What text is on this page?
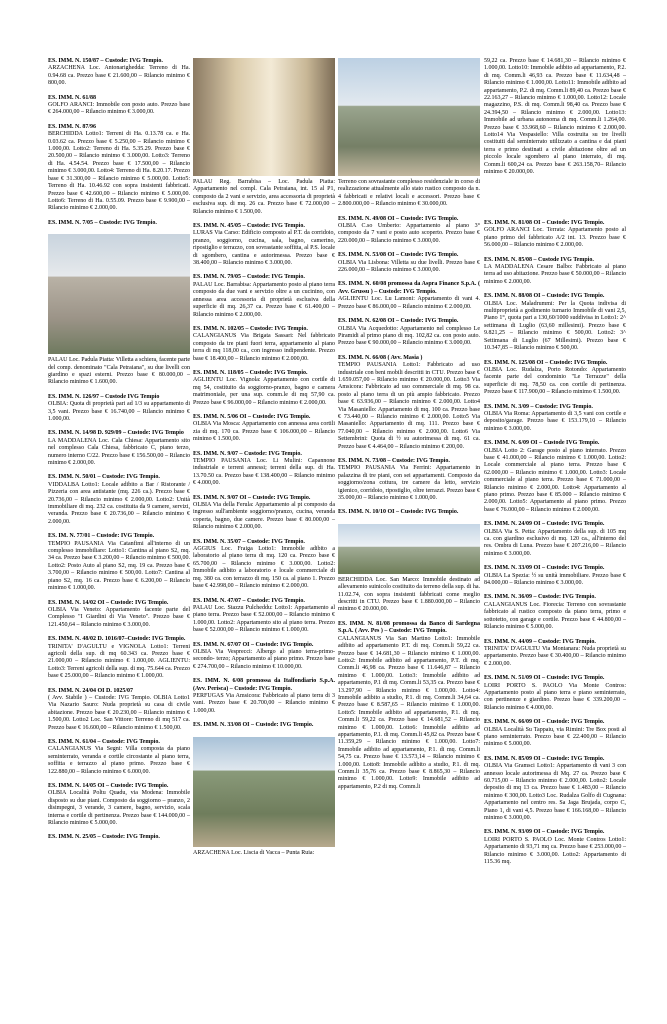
ES. IMM. N. 150/87 – Custode: IVG Tempio.
ARZACHENA Loc. Antonarighedda: Terreno di Ha. 0.94.68 ca. Prezzo base € 21.600,00 – Rilancio minimo € 800,00.
ES. IMM. N. 61/88
GOLFO ARANCI: Immobile con posto auto. Prezzo base € 264.000,00 – Rilancio minimo € 3.000,00.
ES. IMM. N. 87/96
BERCHIDDA Lotto1: Terreni di Ha. 0.13.78 ca. e Ha. 0.03.62 ca. Prezzo base € 5.250,00 – Rilancio minimo € 1.000,00. Lotto2: Terreno di Ha. 5.35.29. Prezzo base € 20.500,00 – Rilancio minimo € 3.000,00. Lotto3: Terreno di Ha. 4.54.54. Prezzo base € 17.500,00 – Rilancio minimo € 3.000,00. Lotto4: Terreno di Ha. 8.20.17. Prezzo base € 31.300,00 – Rilancio minimo € 5.000,00. Lotto5: Terreno di Ha. 10.46.92 con sopra insistenti fabbricati. Prezzo base € 42.600,00 – Rilancio minimo € 5.000,00. Lotto6: Terreno di Ha. 0.55.09. Prezzo base € 9.900,00 – Rilancio minimo € 2.000,00.
ES. IMM. N. 7/05 – Custode: IVG Tempio.

PALAU Loc. Padula Piatta: Villetta a schiera, facente parte del comp. denominato "Cala Petraiana", su due livelli con giardino e spazi esterni. Prezzo base € 80.000,00 – Rilancio minimo € 1.600,00.
ES. IMM. N. 126/97 – Custode IVG Tempio
OLBIA: Quota di proprietà pari ad 1/3 su appartamento di 3,5 vani. Prezzo base € 16.740,00 – Rilancio minimo € 1.000,00.
ES. IMM. N. 14/98 D. 929/09 – Custode: IVG Tempio
LA MADDALENA Loc. Cala Chiesa: Appartamento sito nel complesso Cala Chiesa, fabbricato C, piano terzo, numero interno C/22. Prezzo base € 156.500,00 – Rilancio minimo € 2.000,00.
ES. IMM. N. 50/01 – Custode: IVG Tempio.
VIDDALBA Lotto1: Locale adibito a Bar / Ristorante / Pizzeria con area antistante (mq. 226 ca.). Prezzo base € 20.736,00 – Rilancio minimo € 2.000,00. Lotto2: Unità immobiliare di mq. 232 ca. costituita da 9 camere, servizi, veranda. Prezzo base € 20.736,00 – Rilancio minimo € 2.000,00.
ES. IM. N. 77/01 – Custode: IVG Tempio.
TEMPIO PAUSANIA Via Catanfimi all'interno di un complesso immobiliare: Lotto1: Cantina al piano S2, mq. 34 ca. Prezzo base € 3.200,00 – Rilancio minimo € 500,00. Lotto2: Posto Auto al piano S2, mq. 19 ca. Prezzo base € 3.700,00 – Rilancio minimo € 500,00. Lotto7: Cantina al piano S2, mq. 16 ca. Prezzo base € 6.200,00 – Rilancio minimo € 1.000,00.
ES. IMM. N. 14/02 OI – Custode: IVG Tempio.
OLBIA Via Veneto: Appartamento facente parte del Complesso "I Giardini di Via Veneto". Prezzo base € 121.450,64 – Rilancio minimo € 3.000,00.
ES. IMM. N. 48/02 D. 1016/07–Custode: IVG Tempio.
TRINITA' D'AGULTU e VIGNOLA Lotto1: Terreni agricoli della sup. di mq 60.343 ca. Prezzo base € 21.000,00 – Rilancio minimo € 1.000,00. AGLIENTU: Lotto3: Terreni agricoli della sup. di mq. 75.644 ca. Prezzo base € 25.000,00 – Rilancio minimo € 1.000,00.
ES. IMM. N. 24/04 OI D. 1025/07
( Avv. Stabile ) – Custode: IVG Tempio. OLBIA Lotto1 Via Nazario Sauro: Nuda proprietà su casa di civile abitazione. Prezzo base € 20.230,00 – Rilancio minimo € 1.500,00. Lotto2 Loc. San Vittore: Terreno di mq 517 ca. Prezzo base € 16.600,00 – Rilancio minimo € 1.500,00.
ES. IMM. N. 61/04 – Custode: IVG Tempio.
CALANGIANUS Via Segni: Villa composta da piano seminterrato, veranda e cortile circostante al piano terra, soffitta e terrazzo al piano primo. Prezzo base € 122.880,00 – Rilancio minimo € 6.000,00.
ES. IMM. N. 14/05 OI – Custode: IVG Tempio.
OLBIA Località Poltu Quadu, via Modena: Immobile disposto su due piani. Composto da soggiorno – pranzo, 2 disimpegni, 3 verande, 3 camere, bagno, servizio, scala interna e cortile di pertinenza. Prezzo base € 144.000,00 – Rilancio minimo € 5.000,00.
ES. IMM. N. 25/05 – Custode: IVG Tempio.

PALAU Reg. Barrabisa – Loc. Padula Piatta: Appartamento nel compl. Cala Petraiana, int. 15 al P1, composto da 2 vani e servizio, area accessoria di proprietà esclusiva sup. di mq. 26 ca. Prezzo base € 72.000,00 – Rilancio minimo € 1.500,00.
ES. IMM. N. 45/05 – Custode: IVG Tempio.
LURAS Via Carso: Edificio composto al P.T. da corridoio, pranzo, soggiorno, cucina, sala, bagno, camerino, ripostiglio e terrazzo, con sovrastante soffitta, al P.S. locale di sgombero, cantina e autorimessa. Prezzo base € 38.400,00 – Rilancio minimo € 3.000,00.
ES. IMM. N. 79/05 – Custode: IVG Tempio.
PALAU Loc. Barrabisa: Appartamento posto al piano terra composto da due vani e servizio oltre a un cucinino, con annessa area accessoria di proprietà esclusiva della superficie di mq. 26,37 ca. Prezzo base € 61.400,00 – Rilancio minimo € 2.000,00.
ES. IMM. N. 102/05 – Custode: IVG Tempio.
CALANGIANUS Via Brigata Sassari: Nel fabbricato composto da tre piani fuori terra, appartamento al piano terra di mq 118,00 ca., con ingresso indipendente. Prezzo base € 18.400,00 – Rilancio minimo € 2.000,00.
ES. IMM. N. 118/05 – Custode: IVG Tempio.
AGLIENTU Loc. Vignola: Appartamento con cortile di mq 54, costituito da soggiorno-pranzo, bagno e camera matrimoniale, per una sup. comm.le di mq 57,90 ca. Prezzo base € 96.000,00 – Rilancio minimo € 2.000,00.
ES. IMM. N. 5/06 OI – Custode: IVG Tempio.
OLBIA Via Mosca: Appartamento con annessa area cortili zia di mq. 170 ca. Prezzo base € 106.000,00 – Rilancio minimo € 1.500,00.
ES. IMM. N. 9/07 – Custode: IVG Tempio.
TEMPIO PAUSANIA Loc. Li Mulini: Capannone industriale e terreni annessi; terreni della sup. di Ha. 13.70.50 ca. Prezzo base € 138.400,00 – Rilancio minimo € 4.000,00.
ES. IMM. N. 9/07 OI – Custode: IVG Tempio.
OLBIA Via della Ferula: Appartamento al pt composto da ingresso sull'ambiente soggiorno/pranzo, cucina, veranda coperta, bagno, due camere. Prezzo base € 80.000,00 – Rilancio minimo € 2.000,00.
ES. IMM. N. 35/07 – Custode: IVG Tempio.
AGGIUS Loc. Fraiga Lotto1: Immobile adibito a laboratorio al piano terra di mq. 120 ca. Prezzo base € 65.700,00 – Rilancio minimo € 3.000,00. Lotto2: Immobile adibito a laboratorio e locale commerciale di mq. 380 ca. con terrazzo di mq. 150 ca. al piano 1. Prezzo base € 42.998,00 – Rilancio minimo € 2.000,00.
ES. IMM. N. 47/07 – Custode: IVG Tempio.
PALAU Loc. Stazzu Pulcheddu: Lotto1: Appartamento al piano terra. Prezzo base € 52.000,00 – Rilancio minimo € 1.000,00. Lotto2: Appartamento sito al piano terra. Prezzo base € 52.000,00 – Rilancio minimo € 1.000,00.
ES. IMM. N. 67/07 OI – Custode: IVG Tempio.
OLBIA Via Vesprecci: Albergo al piano terra-primo- secondo- terzo; Appartamento al piano primo. Prezzo base € 274.700,00 – Rilancio minimo € 10.000,00.
ES. IMM. N. 6/08 promossa da Italfondiario S.p.A. (Avv. Perisca) – Custode: IVG Tempio.
PERFUGAS Via Amsicora: Fabbricato al piano terra di 3 vani. Prezzo base € 20.700,00 – Rilancio minimo € 1.000,00.
ES. IMM. N. 33/08 OI – Custode: IVG Tempio.

ARZACHENA Loc. Liscia di Vacca – Punta Ruia:
Terreno con sovrastante complesso residenziale in corso di realizzazione attualmente allo stato rustico composto da n. 4 fabbricati e relativi locali e accessori. Prezzo base € 2.800.000,00 – Rilancio minimo € 30.000,00.
ES. IMM. N. 49/08 OI – Custode: IVG Tempio.
OLBIA C.so Umberto: Appartamento al piano 3° composto da 7 vani e posto auto scoperto. Prezzo base € 220.000,00 – Rilancio minimo € 3.000,00.
ES. IMM. N. 53/08 OI – Custode: IVG Tempio.
OLBIA Via Lisbona: Villetta su due livelli. Prezzo base € 226.000,00 – Rilancio minimo € 3.000,00.
ES. IMM. N. 60/08 promossa da Aspra Finance S.p.A. ( Avv. Grussu ) – Custode: IVG Tempio.
AGLIENTU Loc. Lu Lamoni: Appartamento di vani 4. Prezzo base € 86.000,00 – Rilancio minimo € 2.000,00.
ES. IMM. N. 62/08 OI – Custode: IVG Tempio.
OLBIA Via Acquedotto: Appartamento nel complesso Le Piramidi al primo piano di mq. 102,82 ca. con posto auto. Prezzo base € 90.000,00 – Rilancio minimo € 3.000,00.
ES. IMM. N. 66/08 ( Avv. Masia )
TEMPIO PAUSANIA Lotto1: Fabbricato ad uso industriale con beni mobili descritti in CTU. Prezzo base € 1.659.057,00 – Rilancio minimo € 20.000,00. Lotto3 Via Amsicora: Fabbricato ad uso commerciale di mq. 98 ca. posto al piano terra di un più ampio fabbricato. Prezzo base € 63.936,00 – Rilancio minimo € 2.000,00. Lotto4 Via Masaniello: Appartamento di mq. 100 ca. Prezzo base € 73.440,00 – Rilancio minimo € 2.000,00. Lotto5 Via Masaniello: Appartamento di mq. 111. Prezzo base € 77.040,00 – Rilancio minimo € 2.000,00. Lotto6 Via Settembrini: Quota di ½ su autorimessa di mq. 61 ca. Prezzo base € 4.464,00 – Rilancio minimo € 200,00.
ES. IMM. N. 73/08 – Custode: IVG Tempio.
TEMPIO PAUSANIA Via Ferrini: Appartamento in palazzina di tre piani, con sei appartamenti. Composto da soggiorno/zona cottura, tre camere da letto, servizio igienico, corridoio, ripostiglio, oltre terrazzi. Prezzo base € 35.000,00 – Rilancio minimo € 1.000,00.
ES. IMM. N. 10/10 OI – Custode: IVG Tempio.

BERCHIDDA Loc. San Marco: Immobile destinato ad allevamento suinicolo costituito da terreno della sup. di ha. 11.02.74, con sopra insistenti fabbricati come meglio descritti in CTU. Prezzo base € 1.880.000,00 – Rilancio minimo € 20.000,00.
ES. IMM. N. 81/08 promossa da Banco di Sardegna S.p.A. ( Avv. Pes ) – Custode: IVG Tempio.
CALANGIANUS Via San Martino Lotto1: Immobile adibito ad appartamento P.T. di mq. Comm.li 59,22 ca. Prezzo base € 14.681,30 – Rilancio minimo € 1.000,00. Lotto2: Immobile adibito ad appartamento, P.T. di mq. Comm.li 46,98 ca. Prezzo base € 11.646,87 – Rilancio minimo € 1.000,00. Lotto3: Immobile adibito ad appartamento, P.1 di mq. Comm.li 53,35 ca. Prezzo base € 13.297,90 – Rilancio minimo € 1.000,00. Lotto4: Immobile adibito a studio, P.1. di mq. Comm.li 34,64 ca. Prezzo base € 8.587,65 – Rilancio minimo € 1.000,00. Lotto5: Immobile adibito ad appartamento, P.1. di mq. Comm.li 59,22 ca. Prezzo base € 14.681,52 – Rilancio minimo € 1.000,00. Lotto6: Immobile adibito ad appartamento, P.1. di mq. Comm.li 45,82 ca. Prezzo base € 11.359,29 – Rilancio minimo € 1.000,00. Lotto7: Immobile adibito ad appartamento, P.1. di mq. Comm.li 54,75 ca. Prezzo base € 13.573,14 – Rilancio minimo € 1.000,00. Lotto8: Immobile adibito a studio, P.1. di mq. Comm.li 35,76 ca. Prezzo base € 8.865,30 – Rilancio minimo € 1.000,00. Lotto9: Immobile adibito ad appartamento, P.2 di mq. Comm.li
59,22 ca. Prezzo base € 14.681,30 – Rilancio minimo € 1.000,00. Lotto10: Immobile adibito ad appartamento, P.2. di mq. Comm.li 46,93 ca. Prezzo base € 11.634,48 – Rilancio minimo € 1.000,00. Lotto11: Immobile adibito ad appartamento, P.2. di mq. Comm.li 89,40 ca. Prezzo base € 22.163,27 – Rilancio minimo € 1.000,00. Lotto12: Locale magazzino, P.S. di mq. Comm.li 98,40 ca. Prezzo base € 24.394,50 – Rilancio minimo € 2.000,00. Lotto13: Immobile ad urbana autonoma di mq. Comm.li 1.264,00. Prezzo base € 33.968,60 – Rilancio minimo € 2.000,00. Lotto14 Via Vespasiello: Villa costruita su tre livelli costituiti dal seminterrato utilizzato a cantina e dai piani terra e primo destinati a civile abitazione oltre ad un piccolo locale sgombero al piano interrato, di mq. Comm.li 600,24 ca. Prezzo base € 263.158,70– Rilancio minimo € 20.000,00.
ES. IMM. N. 81/08 OI – Custode: IVG Tempio.
GOLFO ARANCI Loc. Terrata: Appartamento posto al piano primo del fabbricato A/2 int. 13. Prezzo base € 56.000,00 – Rilancio minimo € 2.000,00.
ES. IMM. N. 85/08 – Custode IVG Tempio.
LA MADDALENA Cesare Balbo: Fabbricato al piano terra ad uso abitazione. Prezzo base € 50.000,00 – Rilancio minimo € 2.000,00.
ES. IMM. N. 88/08 OI – Custode: IVG Tempio.
OLBIA Loc. Maladrummi: Per la Quota indivisa di multiproprietà a godimento turnario Immobile di vani 2,5, Piano 1°, quota pari a 130,60/1000 suddivisa in Lotto1: 2^ settimana di Luglio (63,60 millesimi). Prezzo base € 9.821,25 – Rilancio minimo € 500,00. Lotto2: 3^ Settimana di Luglio (67 Millesimi). Prezzo base € 10.347,85 – Rilancio minimo € 500,00.
ES. IMM. N. 125/08 OI – Custode: IVG Tempio.
OLBIA Loc. Rudalza, Porto Rotondo: Appartamento facente parte del condominio "Le Terrazze" della superficie di mq. 78,50 ca. con cortile di pertinenza. Prezzo base € 117.900,00 – Rilancio minimo € 1.500,00.
ES. IMM. N. 3/09 – Custode: IVG Tempio.
OLBIA Via Roma: Appartamento di 3,5 vani con cortile e deposito/garage. Prezzo base € 153.179,10 – Rilancio minimo € 3.000,00.
ES. IMM. N. 6/09 OI – Custode IVG Tempio.
OLBIA Lotto 2: Garage posto al piano interrato. Prezzo base € 41.000,00 – Rilancio minimo € 1.000,00. Lotto2: Locale commerciale al piano terra. Prezzo base € 62.000,00 – Rilancio minimo € 1.000,00. Lotto3: Locale commerciale al piano terra. Prezzo base € 71.000,00 – Rilancio minimo € 2.000,00. Lotto4: Appartamento al piano primo. Prezzo base € 85.000 – Rilancio minimo € 2.000,00. Lotto5: Appartamento al piano primo. Prezzo base € 76.000,00 – Rilancio minimo € 2.000,00.
ES. IMM. N. 24/09 OI – Custode: IVG Tempio.
OLBIA Via S. Petta: Appartamento della sup. di 105 mq ca. con giardino esclusivo di mq. 120 ca., all'interno del res. Ombra di Luna. Prezzo base € 207.216,00 – Rilancio minimo € 3.000,00.
ES. IMM. N. 33/09 OI – Custode: IVG Tempio.
OLBIA La Spezia: ½ su unità immobiliare. Prezzo base € 84.000,00 – Rilancio minimo € 3.000,00.
ES. IMM. N. 36/09 – Custode: IVG Tempio.
CALANGIANUS Loc. Fiorecia: Terreno con sovrastante fabbricato al rustico composto da piano terra, primo e sottotetto, con garage e cortile. Prezzo base € 44.800,00 – Rilancio minimo € 5.000,00.
ES. IMM. N. 44/09 – Custode: IVG Tempio.
TRINITA' D'AGULTU Via Montanara: Nuda proprietà su appartamento. Prezzo base € 30.400,00 – Rilancio minimo € 2.000,00.
ES. IMM. N. 51/09 OI – Custode: IVG Tempio.
LOIRI PORTO S. PAOLO Via Monte Contros: Appartamento posto al piano terra e piano seminterrato, con pertinenze e giardino. Prezzo base € 339.200,00 – Rilancio minimo € 4.000,00.
ES. IMM. N. 66/09 OI – Custode: IVG Tempio.
OLBIA Località Su Tappaiu, via Rimini: Tre Box posti al piano seminterrato. Prezzo base € 22.400,00 – Rilancio minimo € 5.000,00.
ES. IMM. N. 85/09 OI – Custode: IVG Tempio.
OLBIA Via Gramsci Lotto1: Appartamento di vani 3 con annesso locale autorimessa di Mq. 27 ca. Prezzo base € 60.715,00 – Rilancio minimo € 2.000,00. Lotto2: Locale deposito di mq 13 ca. Prezzo base € 1.483,00 – Rilancio minimo € 300,00. Lotto3 Loc. Rudalza Golfo di Cugnana: Appartamento nel centro res. Sa Jaga Brujada, corpo C, Piano 1, di vani 4,5. Prezzo base € 166.168,00 – Rilancio minimo € 3.000,00.
ES. IMM. N. 93/09 OI – Custode: IVG Tempio.
LOIRI PORTO S. PAOLO Loc. Monte Contros Lotto1: Appartamento di 93,71 mq ca. Prezzo base € 253.000,00 – Rilancio minimo € 3.000,00. Lotto2: Appartamento di 115.36 mq.
